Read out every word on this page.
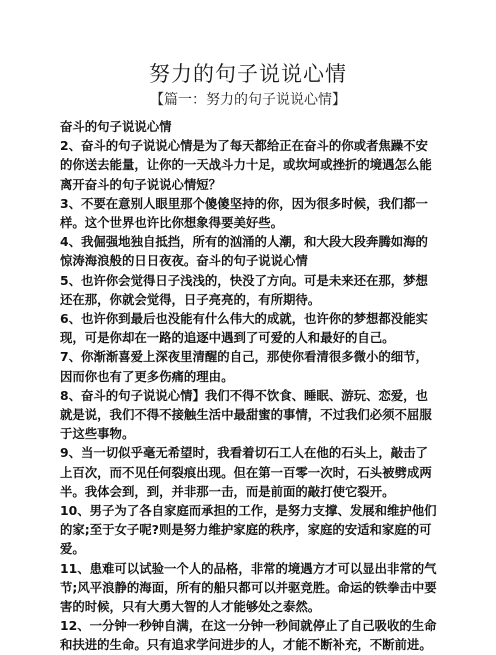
努力的句子说说心情
【篇一：努力的句子说说心情】

奋斗的句子说说心情

2、奋斗的句子说说心情是为了每天都给正在奋斗的你或者焦躁不安的你送去能量，让你的一天战斗力十足，或坎坷或挫折的境遇怎么能离开奋斗的句子说说心情短？

3、不要在意别人眼里那个傻傻坚持的你，因为很多时候，我们都一样。这个世界也许比你想象得要美好些。

4、我倔强地独自抵挡，所有的汹涌的人潮，和大段大段奔腾如海的惊涛海浪般的日日夜夜。奋斗的句子说说心情

5、也许你会觉得日子浅浅的，快没了方向。可是未来还在那，梦想还在那，你就会觉得，日子亮亮的，有所期待。

6、也许你到最后也没能有什么伟大的成就，也许你的梦想都没能实现，可是你却在一路的追逐中遇到了可爱的人和最好的自己。

7、你渐渐喜爱上深夜里清醒的自己，那使你看清很多微小的细节，因而你也有了更多伤痛的理由。

8、奋斗的句子说说心情】我们不得不饮食、睡眠、游玩、恋爱，也就是说，我们不得不接触生活中最甜蜜的事情，不过我们必须不屈服于这些事物。

9、当一切似乎毫无希望时，我看着切石工人在他的石头上，敲击了上百次，而不见任何裂痕出现。但在第一百零一次时，石头被劈成两半。我体会到，到，并非那一击，而是前面的敲打使它裂开。

10、男子为了各自家庭而承担的工作，是努力支撑、发展和维护他们的家;至于女子呢?则是努力维护家庭的秩序，家庭的安适和家庭的可爱。

11、患难可以试验一个人的品格，非常的境遇方才可以显出非常的气节;风平浪静的海面，所有的船只都可以并驱竞胜。命运的铁拳击中要害的时候，只有大勇大智的人才能够处之泰然。

12、一分钟一秒钟自满，在这一分钟一秒间就停止了自己吸收的生命和扶进的生命。只有追求学问进步的人，才能不断补充，不断前进。
